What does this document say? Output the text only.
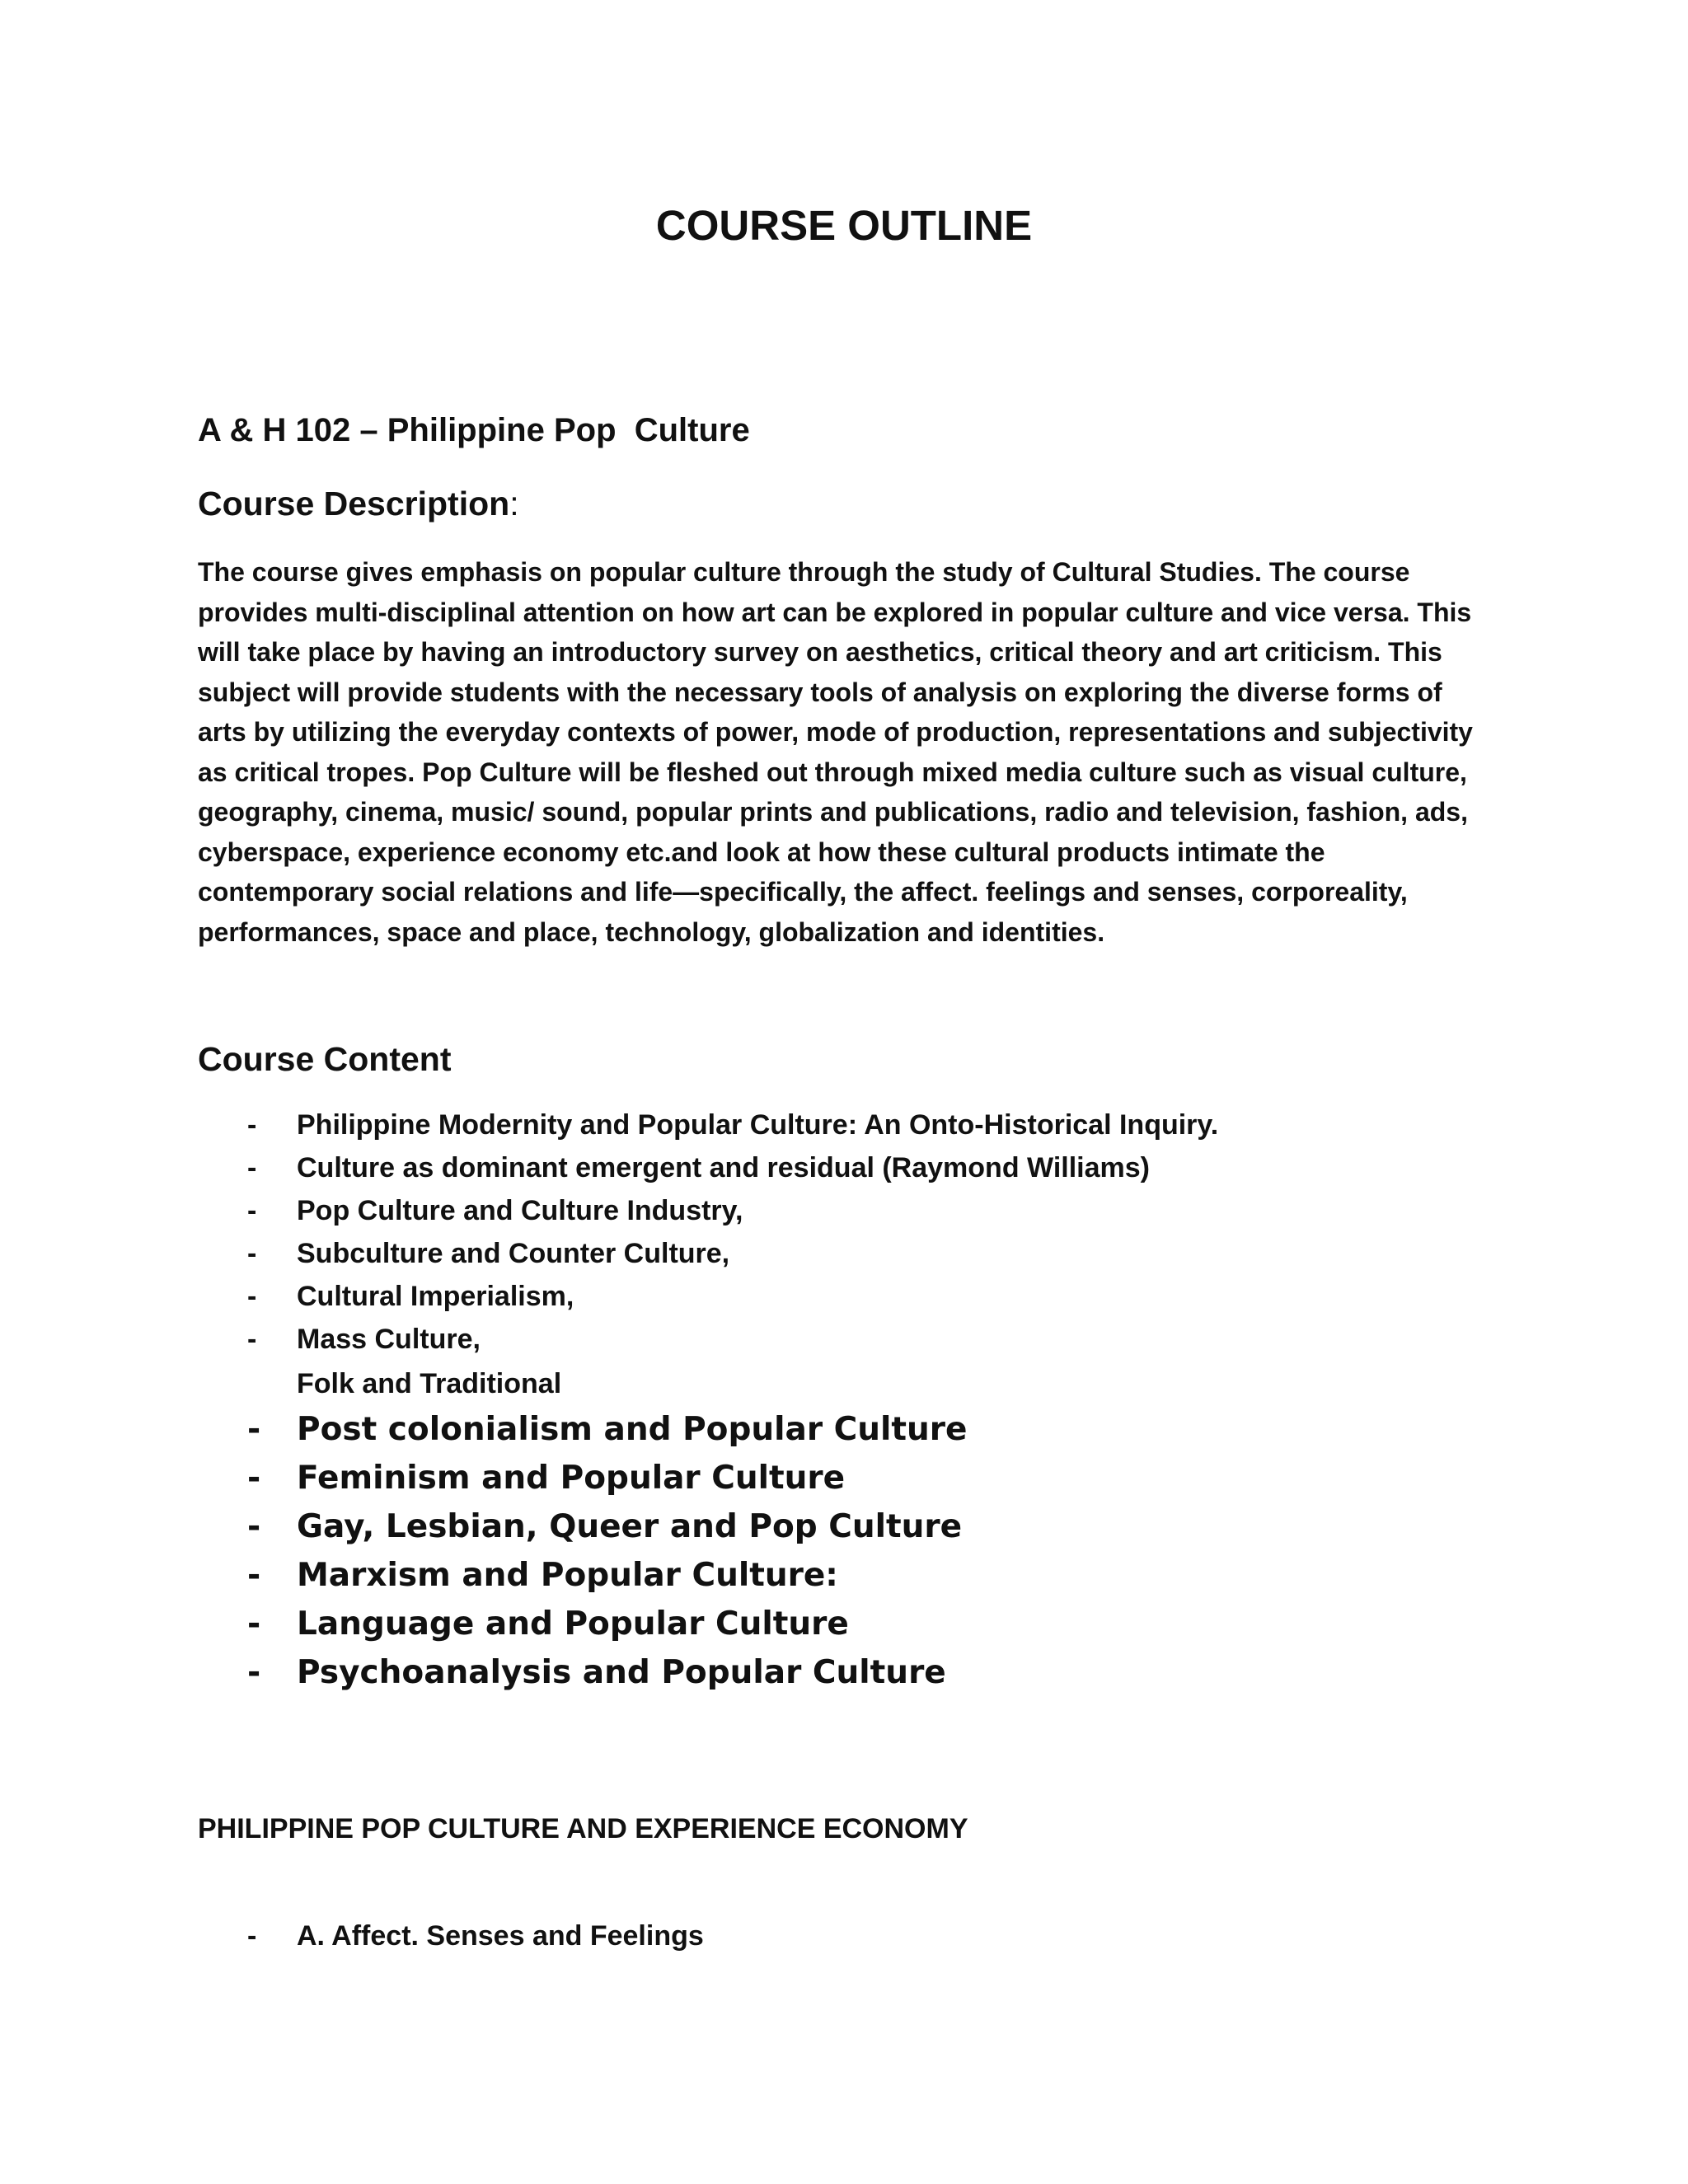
COURSE OUTLINE
A & H 102 – Philippine Pop  Culture
Course Description:

The course gives emphasis on popular culture through the study of Cultural Studies. The course provides multi-disciplinal attention on how art can be explored in popular culture and vice versa. This will take place by having an introductory survey on aesthetics, critical theory and art criticism. This subject will provide students with the necessary tools of analysis on exploring the diverse forms of arts by utilizing the everyday contexts of power, mode of production, representations and subjectivity as critical tropes. Pop Culture will be fleshed out through mixed media culture such as visual culture, geography, cinema, music/ sound, popular prints and publications, radio and television, fashion, ads, cyberspace, experience economy etc.and look at how these cultural products intimate the contemporary social relations and life—specifically, the affect. feelings and senses, corporeality, performances, space and place, technology, globalization and identities.

Course Content
- Philippine Modernity and Popular Culture: An Onto-Historical Inquiry.
- Culture as dominant emergent and residual (Raymond Williams)
- Pop Culture and Culture Industry,
- Subculture and Counter Culture,
- Cultural Imperialism,
- Mass Culture,
Folk and Traditional
- Post colonialism and Popular Culture
- Feminism and Popular Culture
- Gay, Lesbian, Queer and Pop Culture
- Marxism and Popular Culture:
- Language and Popular Culture
- Psychoanalysis and Popular Culture
PHILIPPINE POP CULTURE AND EXPERIENCE ECONOMY
- A. Affect. Senses and Feelings
